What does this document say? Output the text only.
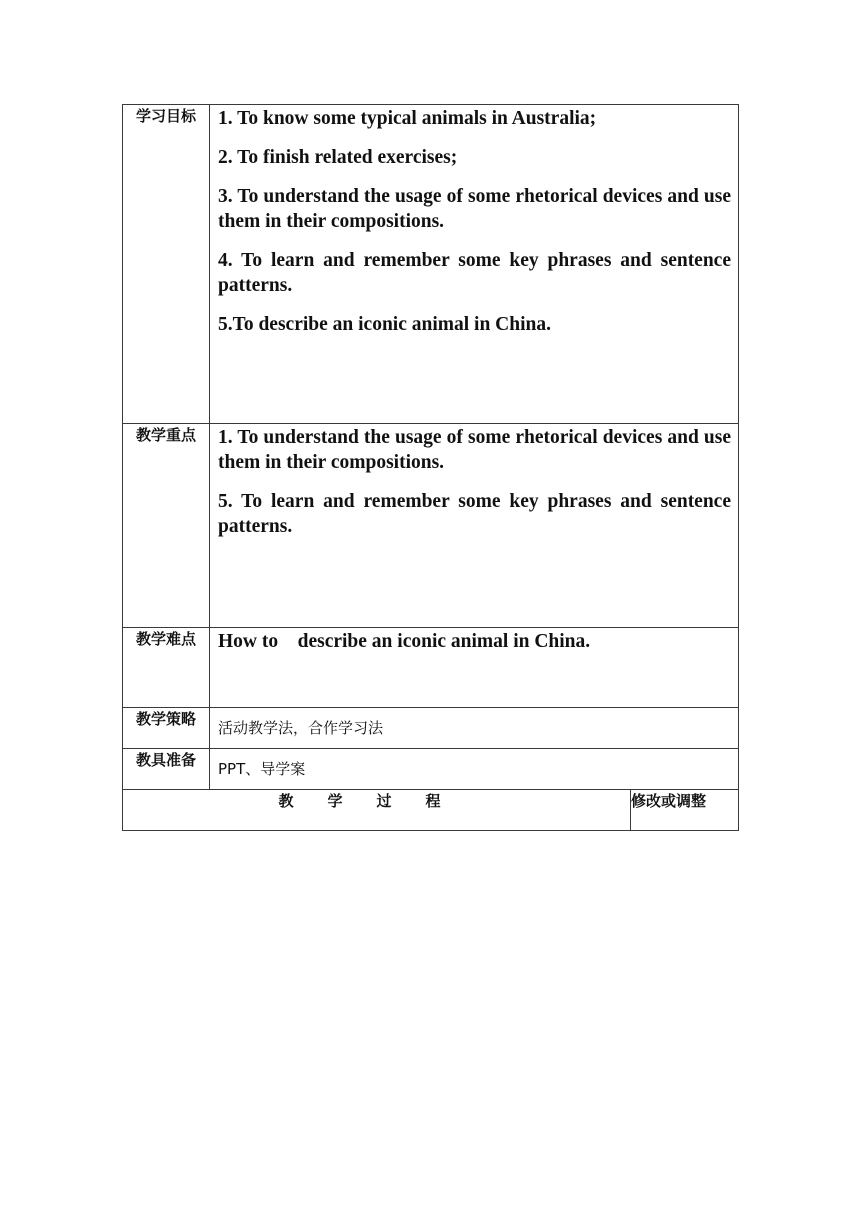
学习目标	1. To know some typical animals in Australia;

2. To finish related exercises;

3. To understand the usage of some rhetorical devices and use them in their compositions.

4. To learn and remember some key phrases and sentence patterns.

5.To describe an iconic animal in China.	

教学重点	1. To understand the usage of some rhetorical devices and use them in their compositions.

5. To learn and remember some key phrases and sentence patterns.	

教学难点	How to describe an iconic animal in China.	

教学策略	活动教学法，合作学习法	

教具准备	PPT、导学案	

教学过程		修改或调整
